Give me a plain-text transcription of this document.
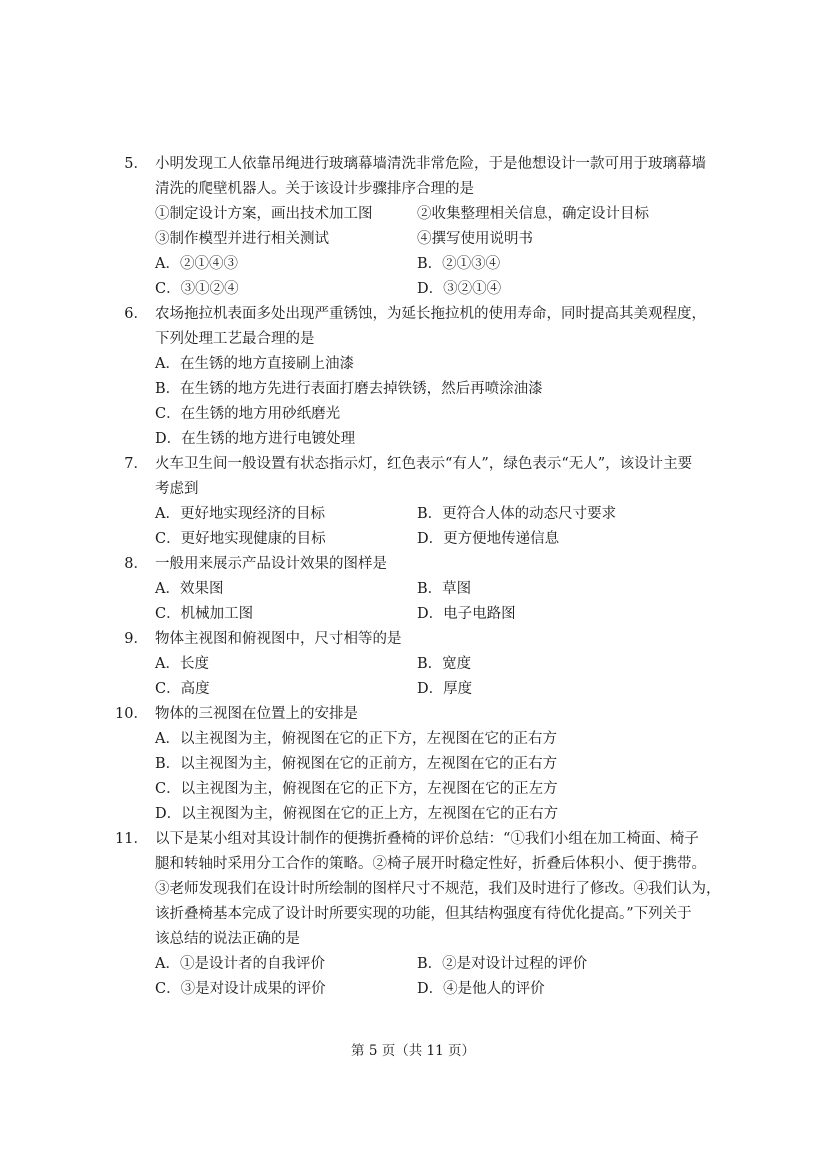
5． 小明发现工人依靠吊绳进行玻璃幕墙清洗非常危险，于是他想设计一款可用于玻璃幕墙
清洗的爬壁机器人。关于该设计步骤排序合理的是
①制定设计方案，画出技术加工图	②收集整理相关信息，确定设计目标
③制作模型并进行相关测试	④撰写使用说明书
A．②①④③	B．②①③④
C．③①②④	D．③②①④
6． 农场拖拉机表面多处出现严重锈蚀，为延长拖拉机的使用寿命，同时提高其美观程度，
下列处理工艺最合理的是
A．在生锈的地方直接刷上油漆
B．在生锈的地方先进行表面打磨去掉铁锈，然后再喷涂油漆
C．在生锈的地方用砂纸磨光
D．在生锈的地方进行电镀处理
7． 火车卫生间一般设置有状态指示灯，红色表示“有人”，绿色表示“无人”，该设计主要
考虑到
A．更好地实现经济的目标	B．更符合人体的动态尺寸要求
C．更好地实现健康的目标	D．更方便地传递信息
8． 一般用来展示产品设计效果的图样是
A．效果图	B．草图
C．机械加工图	D．电子电路图
9． 物体主视图和俯视图中，尺寸相等的是
A．长度	B．宽度
C．高度	D．厚度
10． 物体的三视图在位置上的安排是
A．以主视图为主，俯视图在它的正下方，左视图在它的正右方
B．以主视图为主，俯视图在它的正前方，左视图在它的正右方
C．以主视图为主，俯视图在它的正下方，左视图在它的正左方
D．以主视图为主，俯视图在它的正上方，左视图在它的正右方
11． 以下是某小组对其设计制作的便携折叠椅的评价总结：“①我们小组在加工椅面、椅子
腿和转轴时采用分工合作的策略。②椅子展开时稳定性好，折叠后体积小、便于携带。
③老师发现我们在设计时所绘制的图样尺寸不规范，我们及时进行了修改。④我们认为，
该折叠椅基本完成了设计时所要实现的功能，但其结构强度有待优化提高。”下列关于
该总结的说法正确的是
A．①是设计者的自我评价	B．②是对设计过程的评价
C．③是对设计成果的评价	D．④是他人的评价
第 5 页（共 11 页）
